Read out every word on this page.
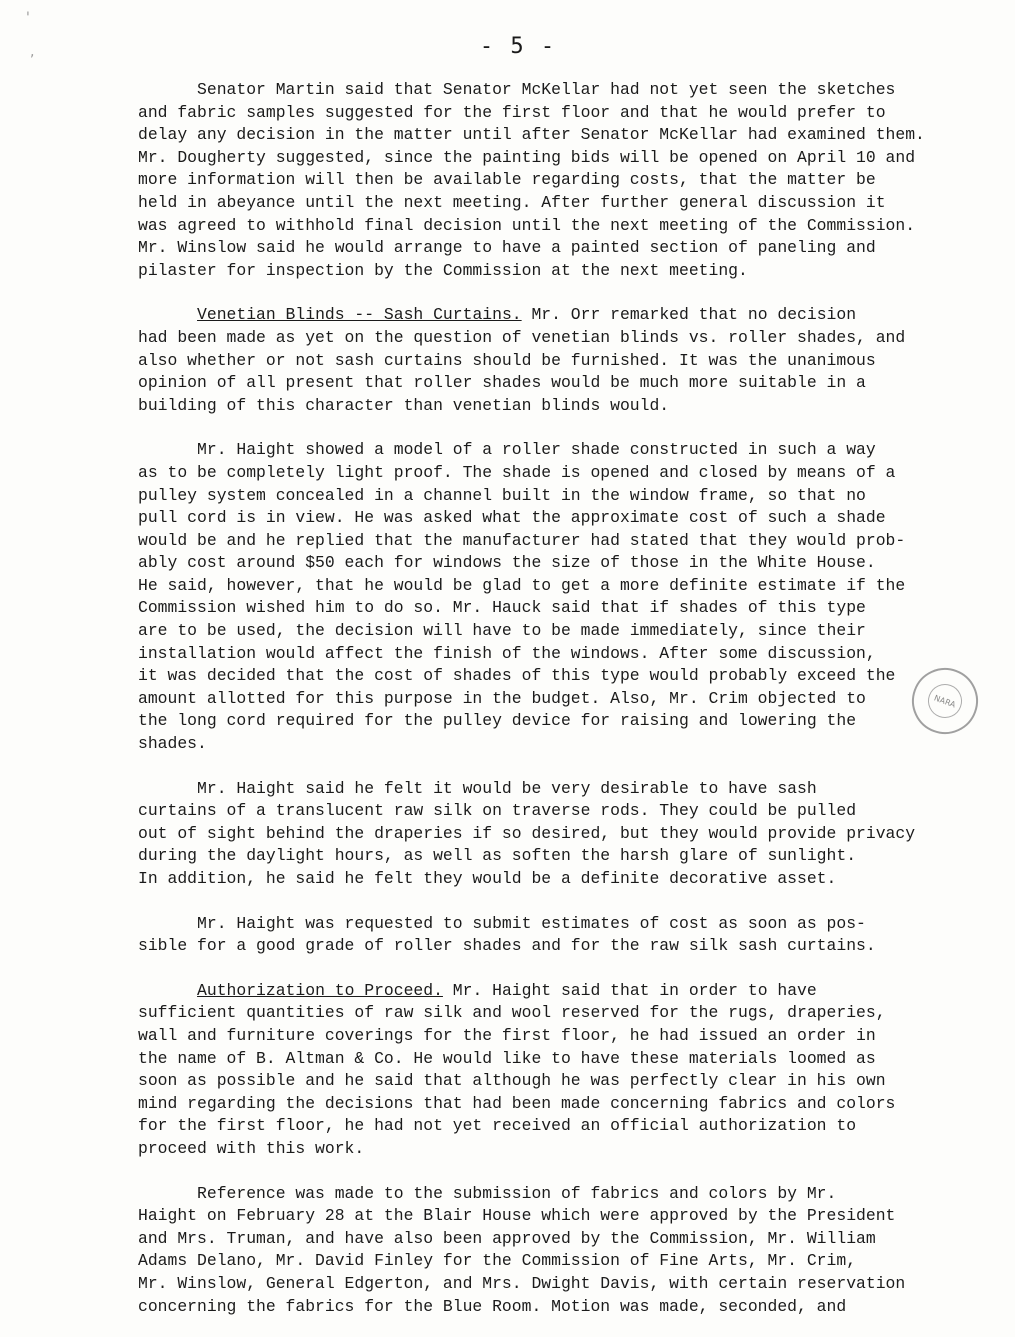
'
,	- 5 -
Senator Martin said that Senator McKellar had not yet seen the sketches
and fabric samples suggested for the first floor and that he would prefer to
delay any decision in the matter until after Senator McKellar had examined them.
Mr. Dougherty suggested, since the painting bids will be opened on April 10 and
more information will then be available regarding costs, that the matter be
held in abeyance until the next meeting. After further general discussion it
was agreed to withhold final decision until the next meeting of the Commission.
Mr. Winslow said he would arrange to have a painted section of paneling and
pilaster for inspection by the Commission at the next meeting.
Venetian Blinds -- Sash Curtains. Mr. Orr remarked that no decision
had been made as yet on the question of venetian blinds vs. roller shades, and
also whether or not sash curtains should be furnished. It was the unanimous
opinion of all present that roller shades would be much more suitable in a
building of this character than venetian blinds would.
Mr. Haight showed a model of a roller shade constructed in such a way
as to be completely light proof. The shade is opened and closed by means of a
pulley system concealed in a channel built in the window frame, so that no
pull cord is in view. He was asked what the approximate cost of such a shade
would be and he replied that the manufacturer had stated that they would prob-
ably cost around $50 each for windows the size of those in the White House.
He said, however, that he would be glad to get a more definite estimate if the
Commission wished him to do so. Mr. Hauck said that if shades of this type
are to be used, the decision will have to be made immediately, since their
installation would affect the finish of the windows. After some discussion,
it was decided that the cost of shades of this type would probably exceed the
amount allotted for this purpose in the budget. Also, Mr. Crim objected to
the long cord required for the pulley device for raising and lowering the
shades.
Mr. Haight said he felt it would be very desirable to have sash
curtains of a translucent raw silk on traverse rods. They could be pulled
out of sight behind the draperies if so desired, but they would provide privacy
during the daylight hours, as well as soften the harsh glare of sunlight.
In addition, he said he felt they would be a definite decorative asset.
Mr. Haight was requested to submit estimates of cost as soon as pos-
sible for a good grade of roller shades and for the raw silk sash curtains.
Authorization to Proceed. Mr. Haight said that in order to have
sufficient quantities of raw silk and wool reserved for the rugs, draperies,
wall and furniture coverings for the first floor, he had issued an order in
the name of B. Altman & Co. He would like to have these materials loomed as
soon as possible and he said that although he was perfectly clear in his own
mind regarding the decisions that had been made concerning fabrics and colors
for the first floor, he had not yet received an official authorization to
proceed with this work.
Reference was made to the submission of fabrics and colors by Mr.
Haight on February 28 at the Blair House which were approved by the President
and Mrs. Truman, and have also been approved by the Commission, Mr. William
Adams Delano, Mr. David Finley for the Commission of Fine Arts, Mr. Crim,
Mr. Winslow, General Edgerton, and Mrs. Dwight Davis, with certain reservation
concerning the fabrics for the Blue Room. Motion was made, seconded, and
NARA
